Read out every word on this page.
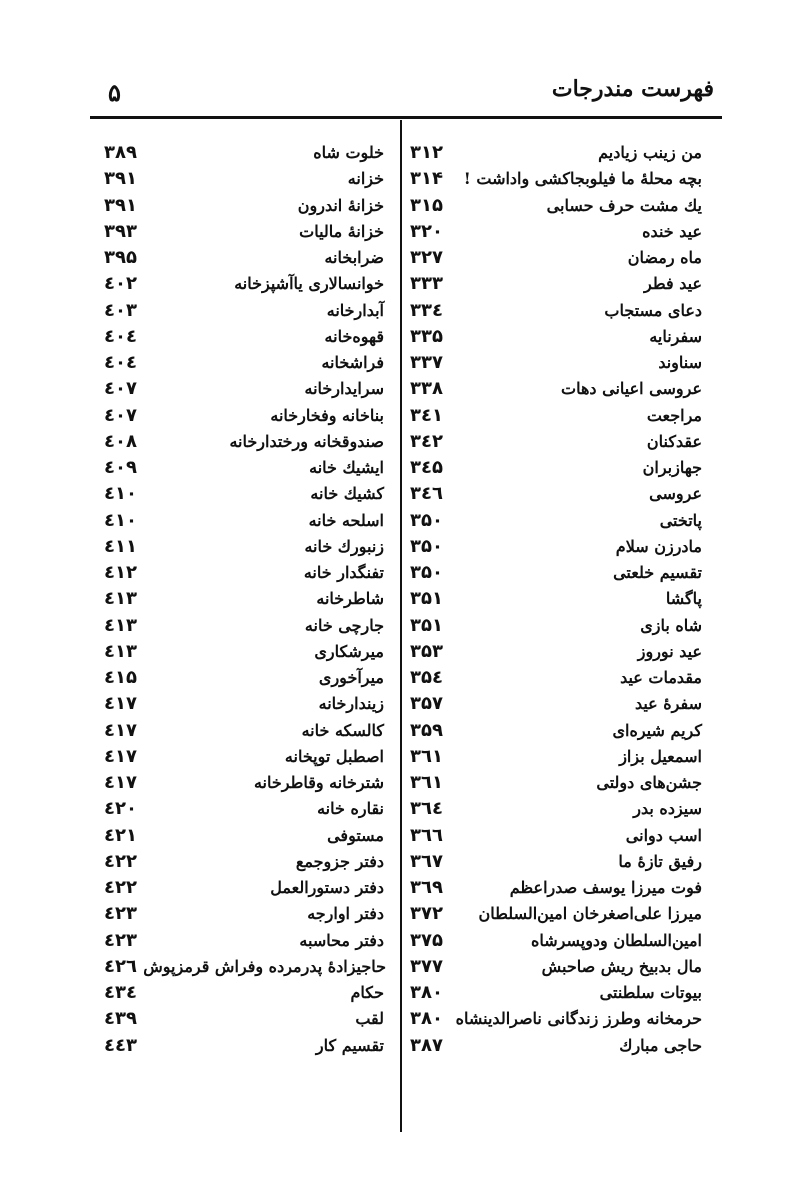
فهرست مندرجات
۵
من زینب زیادیم
۳۱۲
بچه محلهٔ ما فیلوبجاکشی واداشت !
۳۱۴
یك مشت حرف حسابی
۳۱۵
عید خنده
۳۲۰
ماه رمضان
۳۲۷
عید فطر
۳۳۳
دعای مستجاب
۳۳٤
سفرنایه
۳۳۵
سناوند
۳۳۷
عروسی اعیانی دهات
۳۳۸
مراجعت
۳٤۱
عقدکنان
۳٤۲
جهازبران
۳٤۵
عروسی
۳٤٦
پاتختی
۳۵۰
مادرزن سلام
۳۵۰
تقسیم خلعتی
۳۵۰
پاگشا
۳۵۱
شاه بازی
۳۵۱
عید نوروز
۳۵۳
مقدمات عید
۳۵٤
سفرهٔ عید
۳۵۷
کریم شیره‌ای
۳۵۹
اسمعیل بزاز
۳٦۱
جشن‌های دولتی
۳٦۱
سیزده بدر
۳٦٤
اسب دوانی
۳٦٦
رفیق تازهٔ ما
۳٦۷
فوت میرزا یوسف صدراعظم
۳٦۹
میرزا علی‌اصغرخان امین‌السلطان
۳۷۲
امین‌السلطان ودوپسرشاه
۳۷۵
مال بدبیخ ریش صاحبش
۳۷۷
بیوتات سلطنتی
۳۸۰
حرمخانه وطرز زندگانی ناصرالدینشاه
۳۸۰
حاجی مبارك
۳۸۷
خلوت شاه
۳۸۹
خزانه
۳۹۱
خزانهٔ اندرون
۳۹۱
خزانهٔ مالیات
۳۹۳
ضرابخانه
۳۹۵
خوانسالاری یاآشپزخانه
٤۰۲
آبدارخانه
٤۰۳
قهوه‌خانه
٤۰٤
فراشخانه
٤۰٤
سرایدارخانه
٤۰۷
بناخانه وفخارخانه
٤۰۷
صندوقخانه ورختدارخانه
٤۰۸
ایشیك خانه
٤۰۹
کشیك خانه
٤۱۰
اسلحه خانه
٤۱۰
زنبورك خانه
٤۱۱
تفنگدار خانه
٤۱۲
شاطرخانه
٤۱۳
جارچی خانه
٤۱۳
میرشکاری
٤۱۳
میرآخوری
٤۱۵
زیندارخانه
٤۱۷
کالسکه خانه
٤۱۷
اصطبل توپخانه
٤۱۷
شترخانه وقاطرخانه
٤۱۷
نقاره خانه
٤۲۰
مستوفی
٤۲۱
دفتر جزوجمع
٤۲۲
دفتر دستورالعمل
٤۲۲
دفتر اوارجه
٤۲۳
دفتر محاسبه
٤۲۳
حاجیزادهٔ پدرمرده وفراش قرمزپوش
٤۲٦
حکام
٤۳٤
لقب
٤۳۹
تقسیم کار
٤٤۳
